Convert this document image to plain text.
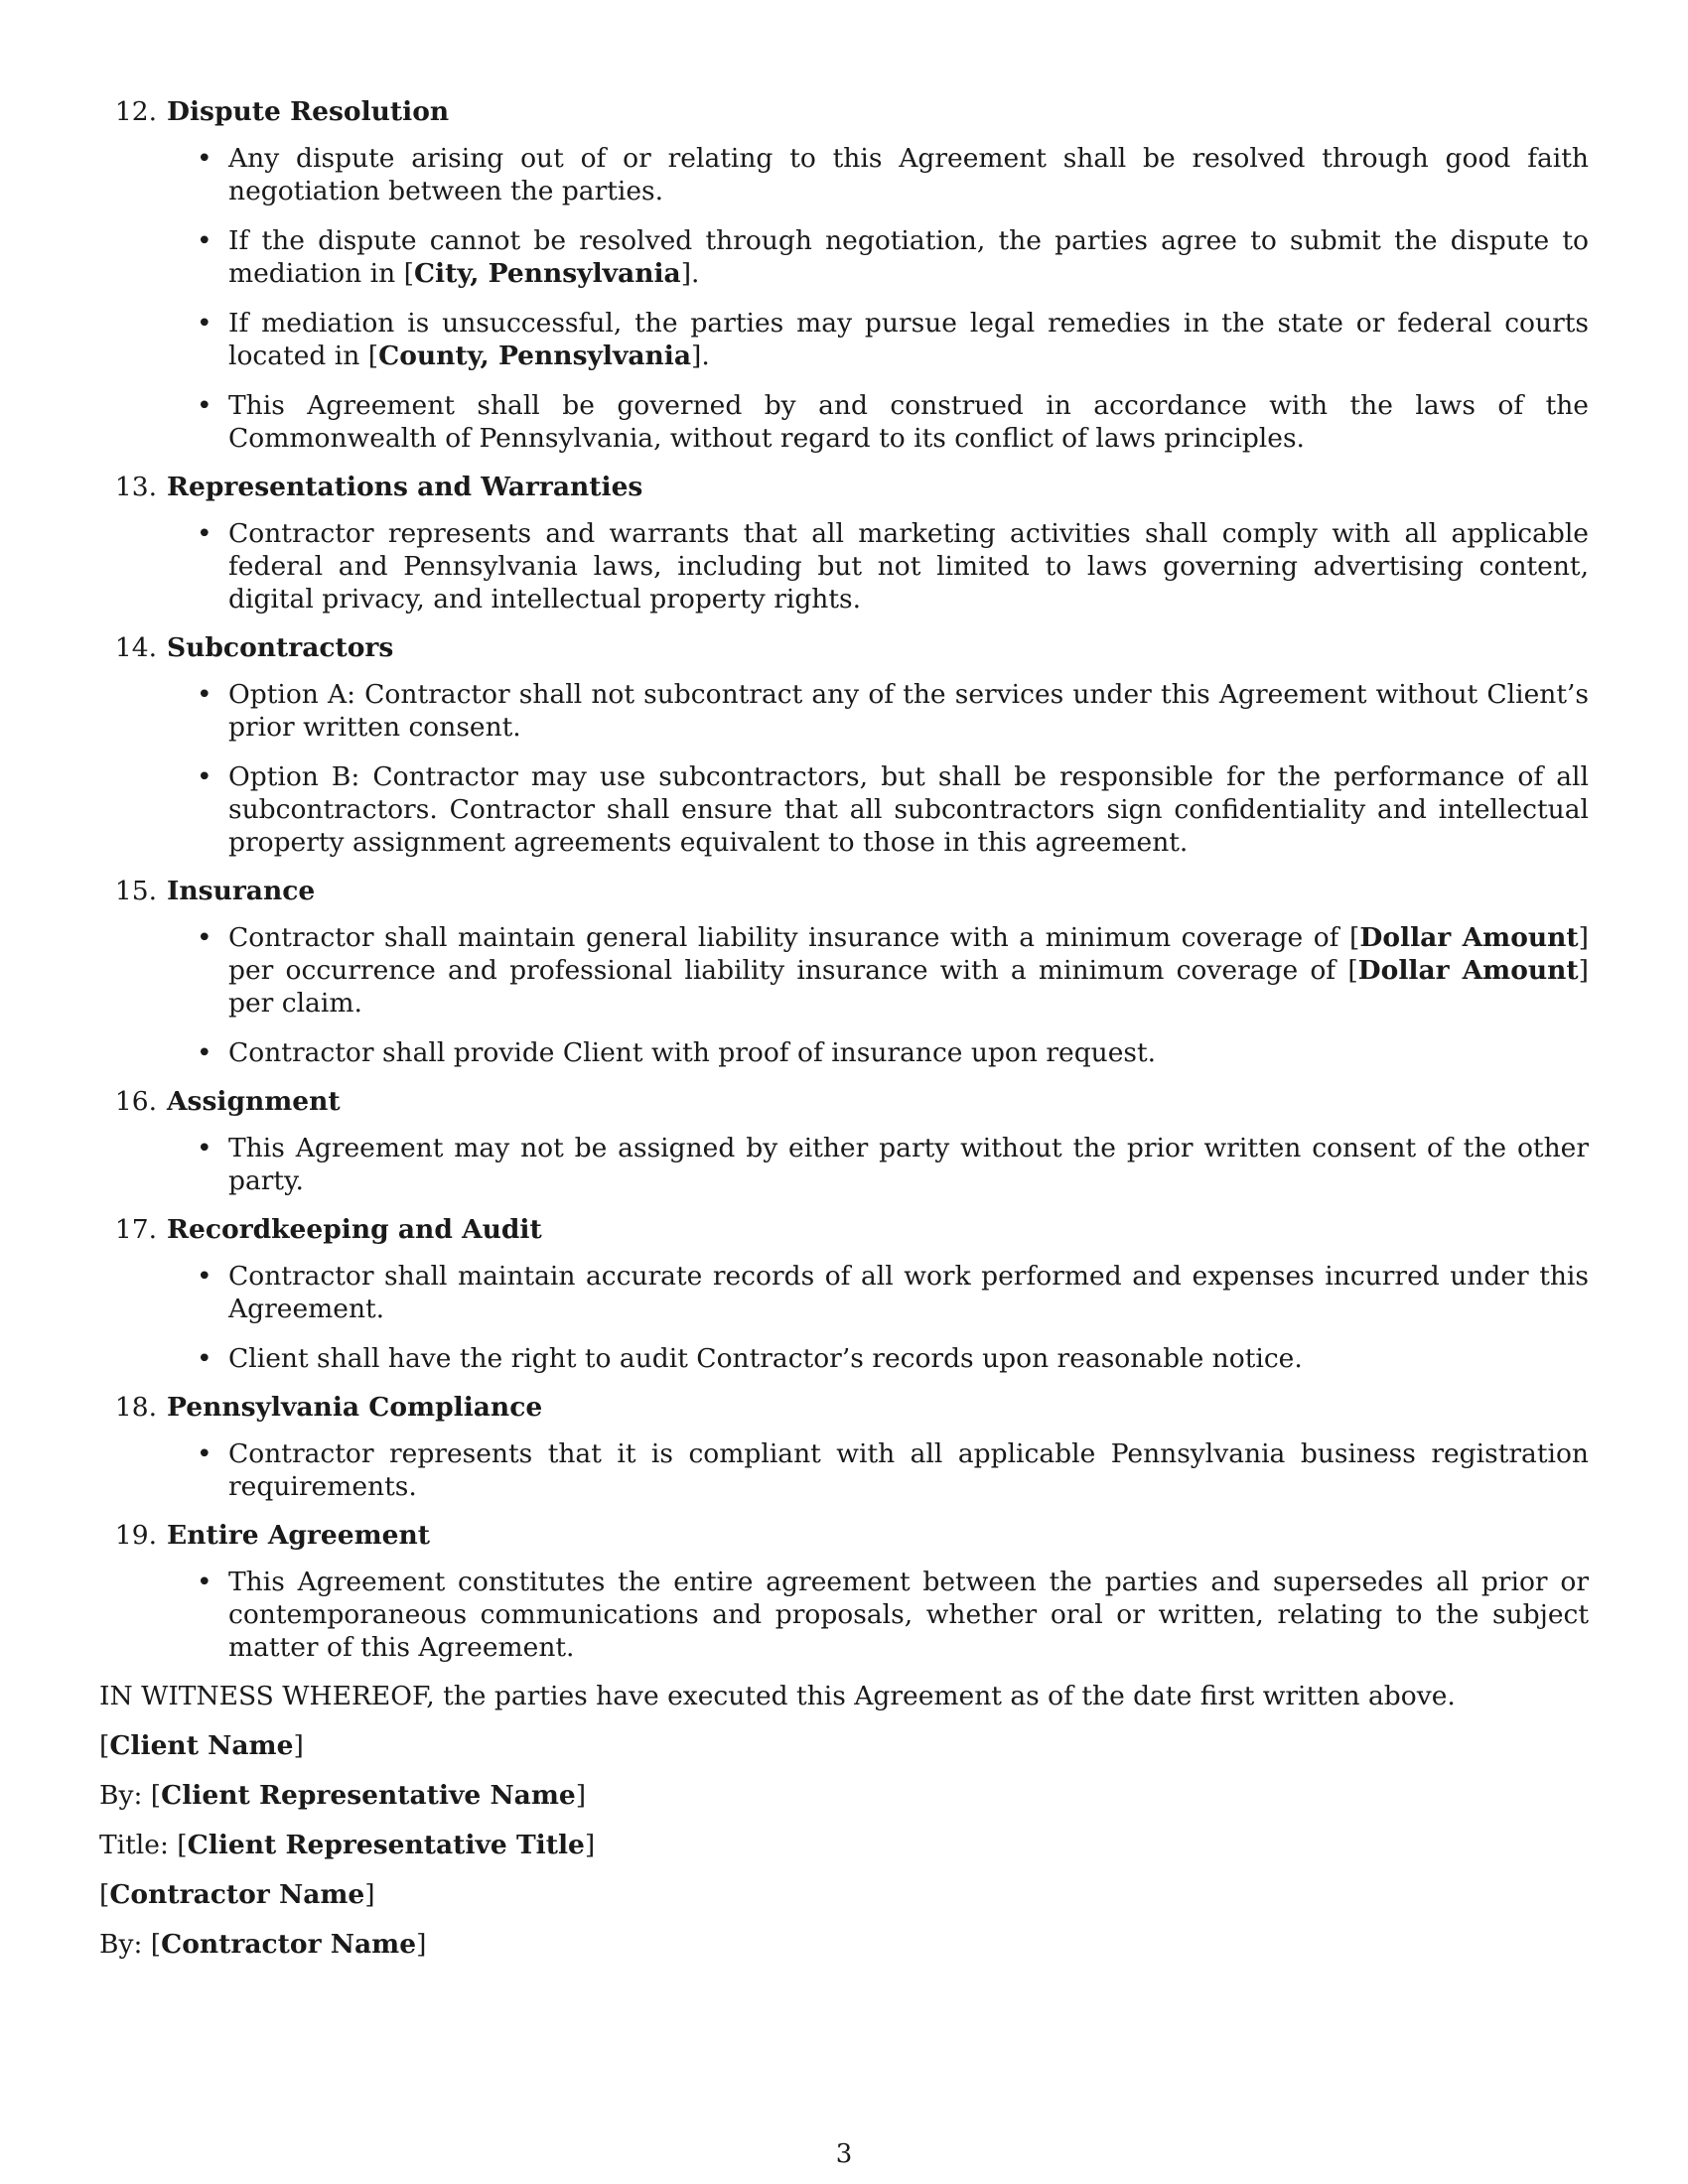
12. Dispute Resolution
• Any dispute arising out of or relating to this Agreement shall be resolved through good faith negotiation between the parties.
• If the dispute cannot be resolved through negotiation, the parties agree to submit the dispute to mediation in [City, Pennsylvania].
• If mediation is unsuccessful, the parties may pursue legal remedies in the state or federal courts located in [County, Pennsylvania].
• This Agreement shall be governed by and construed in accordance with the laws of the Commonwealth of Pennsylvania, without regard to its conflict of laws principles.
13. Representations and Warranties
• Contractor represents and warrants that all marketing activities shall comply with all applicable federal and Pennsylvania laws, including but not limited to laws governing advertising content, digital privacy, and intellectual property rights.
14. Subcontractors
• Option A: Contractor shall not subcontract any of the services under this Agreement without Client’s prior written consent.
• Option B: Contractor may use subcontractors, but shall be responsible for the performance of all subcontractors. Contractor shall ensure that all subcontractors sign confidentiality and intellectual property assignment agreements equivalent to those in this agreement.
15. Insurance
• Contractor shall maintain general liability insurance with a minimum coverage of [Dollar Amount] per occurrence and professional liability insurance with a minimum coverage of [Dollar Amount] per claim.
• Contractor shall provide Client with proof of insurance upon request.
16. Assignment
• This Agreement may not be assigned by either party without the prior written consent of the other party.
17. Recordkeeping and Audit
• Contractor shall maintain accurate records of all work performed and expenses incurred under this Agreement.
• Client shall have the right to audit Contractor’s records upon reasonable notice.
18. Pennsylvania Compliance
• Contractor represents that it is compliant with all applicable Pennsylvania business registration requirements.
19. Entire Agreement
• This Agreement constitutes the entire agreement between the parties and supersedes all prior or contemporaneous communications and proposals, whether oral or written, relating to the subject matter of this Agreement.

IN WITNESS WHEREOF, the parties have executed this Agreement as of the date first written above.

[Client Name]

By: [Client Representative Name]

Title: [Client Representative Title]

[Contractor Name]

By: [Contractor Name]

3
